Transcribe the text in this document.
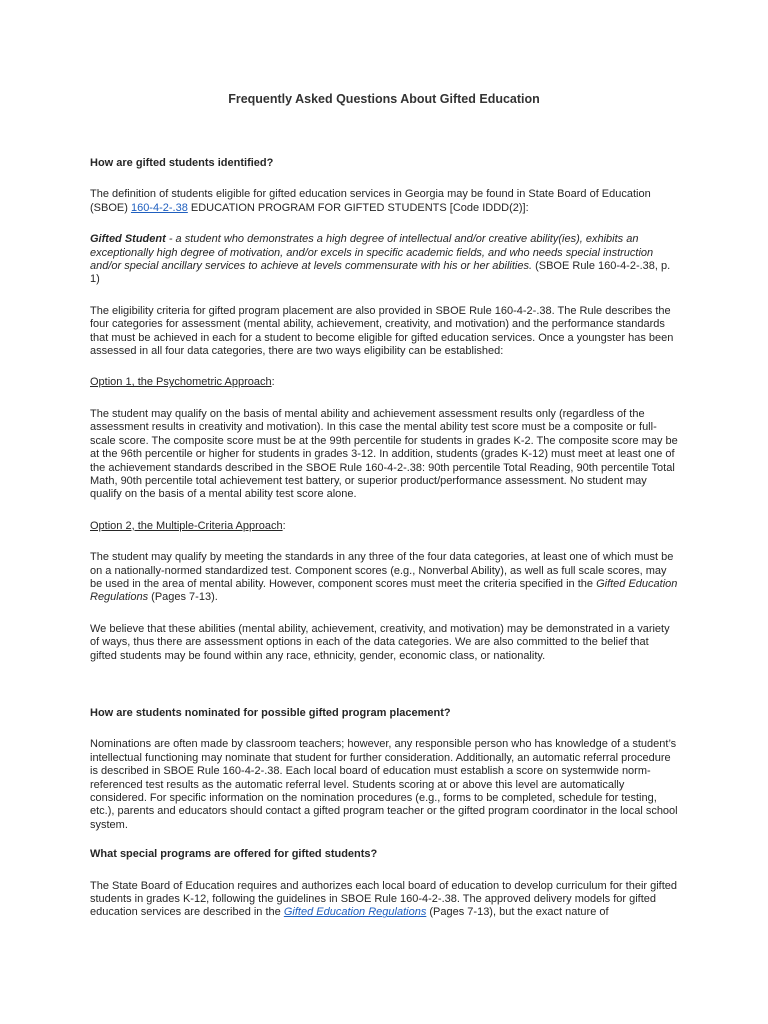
Frequently Asked Questions About Gifted Education

How are gifted students identified?

The definition of students eligible for gifted education services in Georgia may be found in State Board of Education (SBOE) 160-4-2-.38 EDUCATION PROGRAM FOR GIFTED STUDENTS [Code IDDD(2)]:

Gifted Student - a student who demonstrates a high degree of intellectual and/or creative ability(ies), exhibits an exceptionally high degree of motivation, and/or excels in specific academic fields, and who needs special instruction and/or special ancillary services to achieve at levels commensurate with his or her abilities. (SBOE Rule 160-4-2-.38, p. 1)

The eligibility criteria for gifted program placement are also provided in SBOE Rule 160-4-2-.38. The Rule describes the four categories for assessment (mental ability, achievement, creativity, and motivation) and the performance standards that must be achieved in each for a student to become eligible for gifted education services. Once a youngster has been assessed in all four data categories, there are two ways eligibility can be established:

Option 1, the Psychometric Approach:

The student may qualify on the basis of mental ability and achievement assessment results only (regardless of the assessment results in creativity and motivation). In this case the mental ability test score must be a composite or full-scale score. The composite score must be at the 99th percentile for students in grades K-2. The composite score may be at the 96th percentile or higher for students in grades 3-12. In addition, students (grades K-12) must meet at least one of the achievement standards described in the SBOE Rule 160-4-2-.38: 90th percentile Total Reading, 90th percentile Total Math, 90th percentile total achievement test battery, or superior product/performance assessment. No student may qualify on the basis of a mental ability test score alone.

Option 2, the Multiple-Criteria Approach:

The student may qualify by meeting the standards in any three of the four data categories, at least one of which must be on a nationally-normed standardized test. Component scores (e.g., Nonverbal Ability), as well as full scale scores, may be used in the area of mental ability. However, component scores must meet the criteria specified in the Gifted Education Regulations (Pages 7-13).

We believe that these abilities (mental ability, achievement, creativity, and motivation) may be demonstrated in a variety of ways, thus there are assessment options in each of the data categories. We are also committed to the belief that gifted students may be found within any race, ethnicity, gender, economic class, or nationality.

How are students nominated for possible gifted program placement?

Nominations are often made by classroom teachers; however, any responsible person who has knowledge of a student’s intellectual functioning may nominate that student for further consideration. Additionally, an automatic referral procedure is described in SBOE Rule 160-4-2-.38. Each local board of education must establish a score on systemwide norm-referenced test results as the automatic referral level. Students scoring at or above this level are automatically considered. For specific information on the nomination procedures (e.g., forms to be completed, schedule for testing, etc.), parents and educators should contact a gifted program teacher or the gifted program coordinator in the local school system.

What special programs are offered for gifted students?

The State Board of Education requires and authorizes each local board of education to develop curriculum for their gifted students in grades K-12, following the guidelines in SBOE Rule 160-4-2-.38. The approved delivery models for gifted education services are described in the Gifted Education Regulations (Pages 7-13), but the exact nature of
